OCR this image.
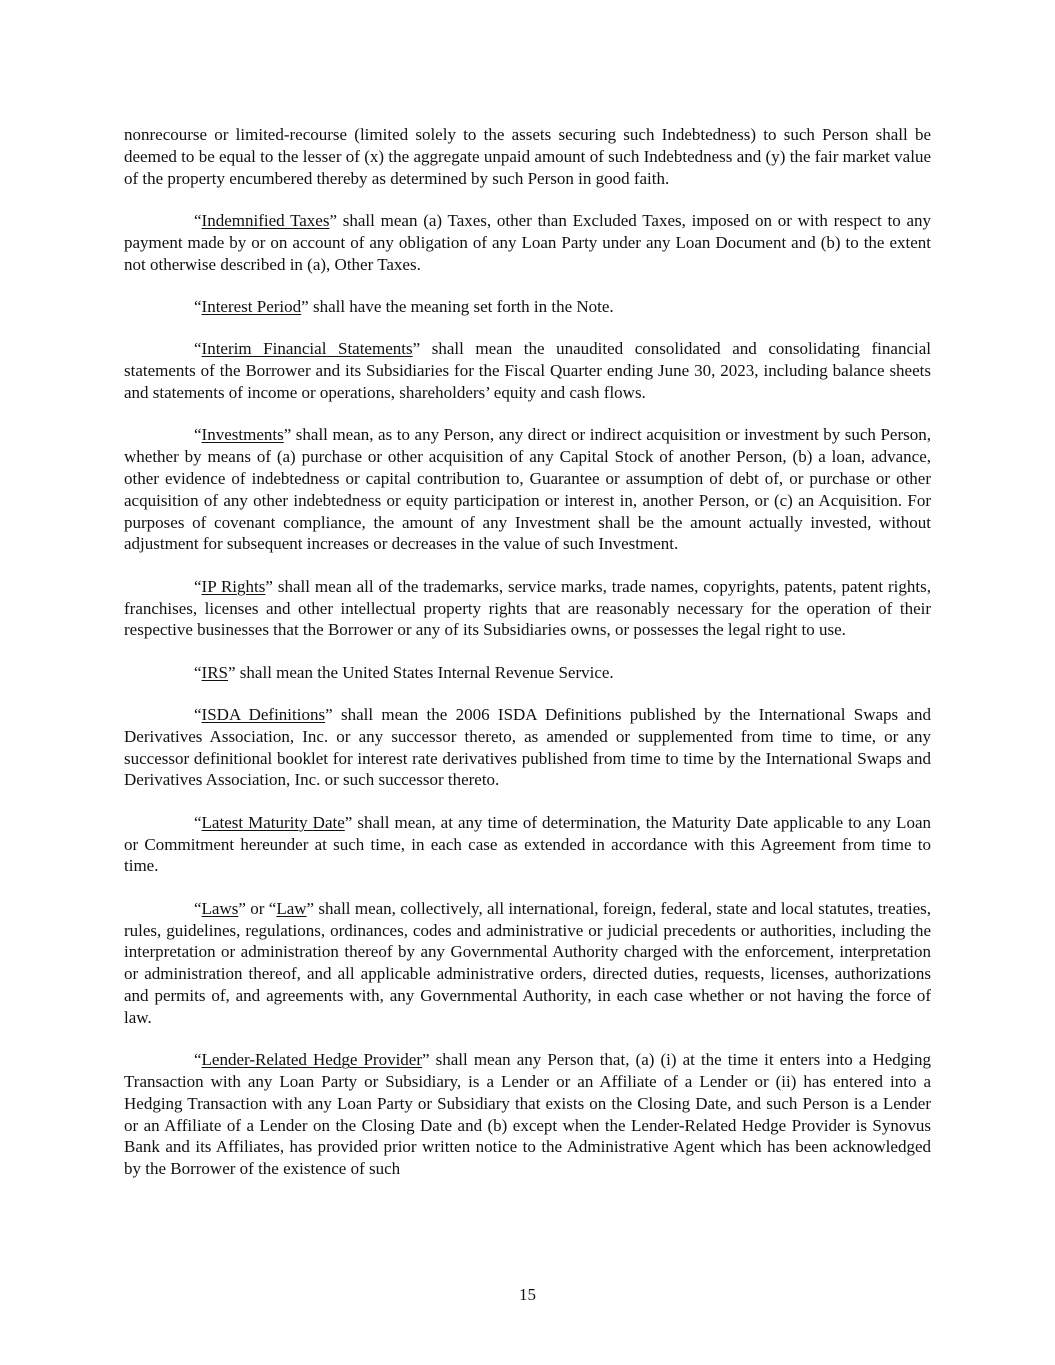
nonrecourse or limited-recourse (limited solely to the assets securing such Indebtedness) to such Person shall be deemed to be equal to the lesser of (x) the aggregate unpaid amount of such Indebtedness and (y) the fair market value of the property encumbered thereby as determined by such Person in good faith.

“Indemnified Taxes” shall mean (a) Taxes, other than Excluded Taxes, imposed on or with respect to any payment made by or on account of any obligation of any Loan Party under any Loan Document and (b) to the extent not otherwise described in (a), Other Taxes.

“Interest Period” shall have the meaning set forth in the Note.

“Interim Financial Statements” shall mean the unaudited consolidated and consolidating financial statements of the Borrower and its Subsidiaries for the Fiscal Quarter ending June 30, 2023, including balance sheets and statements of income or operations, shareholders’ equity and cash flows.

“Investments” shall mean, as to any Person, any direct or indirect acquisition or investment by such Person, whether by means of (a) purchase or other acquisition of any Capital Stock of another Person, (b) a loan, advance, other evidence of indebtedness or capital contribution to, Guarantee or assumption of debt of, or purchase or other acquisition of any other indebtedness or equity participation or interest in, another Person, or (c) an Acquisition. For purposes of covenant compliance, the amount of any Investment shall be the amount actually invested, without adjustment for subsequent increases or decreases in the value of such Investment.

“IP Rights” shall mean all of the trademarks, service marks, trade names, copyrights, patents, patent rights, franchises, licenses and other intellectual property rights that are reasonably necessary for the operation of their respective businesses that the Borrower or any of its Subsidiaries owns, or possesses the legal right to use.

“IRS” shall mean the United States Internal Revenue Service.

“ISDA Definitions” shall mean the 2006 ISDA Definitions published by the International Swaps and Derivatives Association, Inc. or any successor thereto, as amended or supplemented from time to time, or any successor definitional booklet for interest rate derivatives published from time to time by the International Swaps and Derivatives Association, Inc. or such successor thereto.

“Latest Maturity Date” shall mean, at any time of determination, the Maturity Date applicable to any Loan or Commitment hereunder at such time, in each case as extended in accordance with this Agreement from time to time.

“Laws” or “Law” shall mean, collectively, all international, foreign, federal, state and local statutes, treaties, rules, guidelines, regulations, ordinances, codes and administrative or judicial precedents or authorities, including the interpretation or administration thereof by any Governmental Authority charged with the enforcement, interpretation or administration thereof, and all applicable administrative orders, directed duties, requests, licenses, authorizations and permits of, and agreements with, any Governmental Authority, in each case whether or not having the force of law.

“Lender-Related Hedge Provider” shall mean any Person that, (a) (i) at the time it enters into a Hedging Transaction with any Loan Party or Subsidiary, is a Lender or an Affiliate of a Lender or (ii) has entered into a Hedging Transaction with any Loan Party or Subsidiary that exists on the Closing Date, and such Person is a Lender or an Affiliate of a Lender on the Closing Date and (b) except when the Lender-Related Hedge Provider is Synovus Bank and its Affiliates, has provided prior written notice to the Administrative Agent which has been acknowledged by the Borrower of the existence of such

15
